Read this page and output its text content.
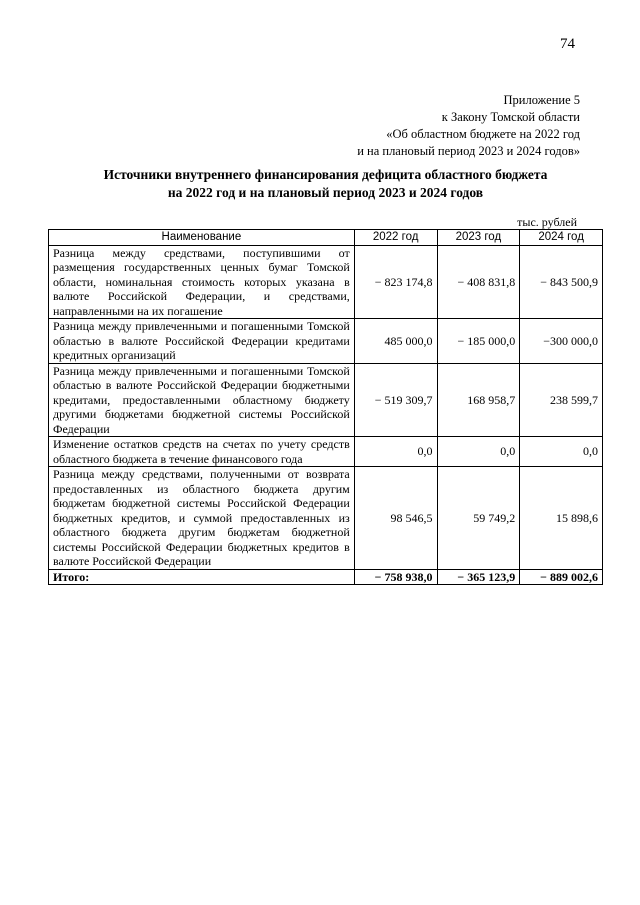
74
Приложение 5
к Закону Томской области
«Об областном бюджете на 2022 год
и на плановый период 2023 и 2024 годов»
Источники внутреннего финансирования дефицита областного бюджета
на 2022 год и на плановый период 2023 и 2024 годов
тыс. рублей
Наименование	2022 год	2023 год	2024 год
Разница между средствами, поступившими от размещения государственных ценных бумаг Томской области, номинальная стоимость которых указана в валюте Российской Федерации, и средствами, направленными на их погашение	− 823 174,8	− 408 831,8	− 843 500,9
Разница между привлеченными и погашенными Томской областью в валюте Российской Федерации кредитами кредитных организаций	485 000,0	− 185 000,0	−300 000,0
Разница между привлеченными и погашенными Томской областью в валюте Российской Федерации бюджетными кредитами, предоставленными областному бюджету другими бюджетами бюджетной системы Российской Федерации	− 519 309,7	168 958,7	238 599,7
Изменение остатков средств на счетах по учету средств областного бюджета в течение финансового года	0,0	0,0	0,0
Разница между средствами, полученными от возврата предоставленных из областного бюджета другим бюджетам бюджетной системы Российской Федерации бюджетных кредитов, и суммой предоставленных из областного бюджета другим бюджетам бюджетной системы Российской Федерации бюджетных кредитов в валюте Российской Федерации	98 546,5	59 749,2	15 898,6
Итого:	− 758 938,0	− 365 123,9	− 889 002,6
